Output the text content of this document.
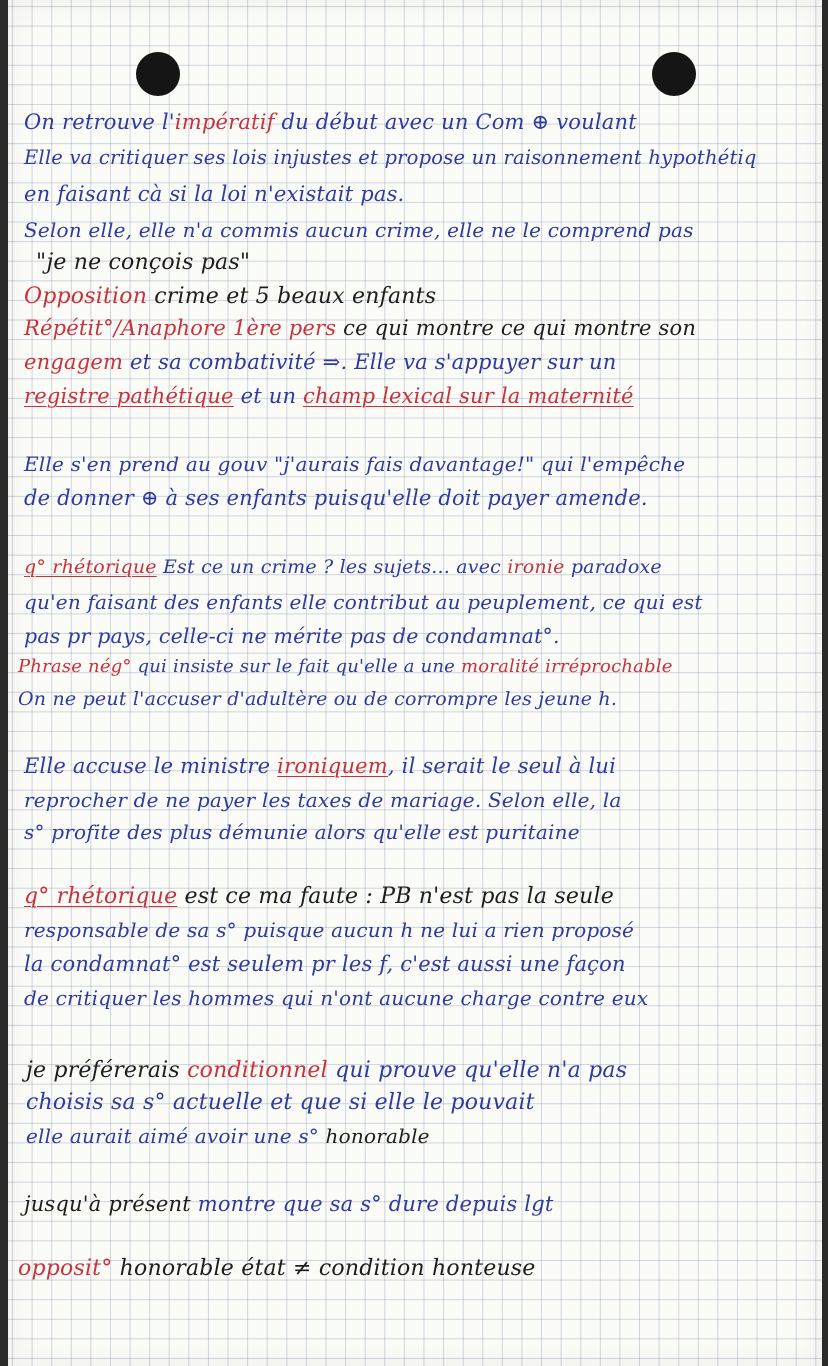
On retrouve l'impératif du début avec un Com ⊕ voulant
Elle va critiquer ses lois injustes et propose un raisonnement hypothétiq
en faisant cà si la loi n'existait pas.
Selon elle, elle n'a commis aucun crime, elle ne le comprend pas
"je ne conçois pas"
Opposition crime et 5 beaux enfants
Répétit°/Anaphore 1ère pers ce qui montre ce qui montre son
engagem et sa combativité ⇒. Elle va s'appuyer sur un
registre pathétique et un champ lexical sur la maternité
Elle s'en prend au gouv "j'aurais fais davantage!" qui l'empêche
de donner ⊕ à ses enfants puisqu'elle doit payer amende.
q° rhétorique Est ce un crime ? les sujets... avec ironie paradoxe
qu'en faisant des enfants elle contribut au peuplement, ce qui est
pas pr pays, celle-ci ne mérite pas de condamnat°.
Phrase nég° qui insiste sur le fait qu'elle a une moralité irréprochable
On ne peut l'accuser d'adultère ou de corrompre les jeune h.
Elle accuse le ministre ironiquem, il serait le seul à lui
reprocher de ne payer les taxes de mariage. Selon elle, la
s° profite des plus démunie alors qu'elle est puritaine
q° rhétorique est ce ma faute : PB n'est pas la seule
responsable de sa s° puisque aucun h ne lui a rien proposé
la condamnat° est seulem pr les f, c'est aussi une façon
de critiquer les hommes qui n'ont aucune charge contre eux
je préférerais conditionnel qui prouve qu'elle n'a pas
choisis sa s° actuelle et que si elle le pouvait
elle aurait aimé avoir une s° honorable
jusqu'à présent montre que sa s° dure depuis lgt
opposit° honorable état ≠ condition honteuse
